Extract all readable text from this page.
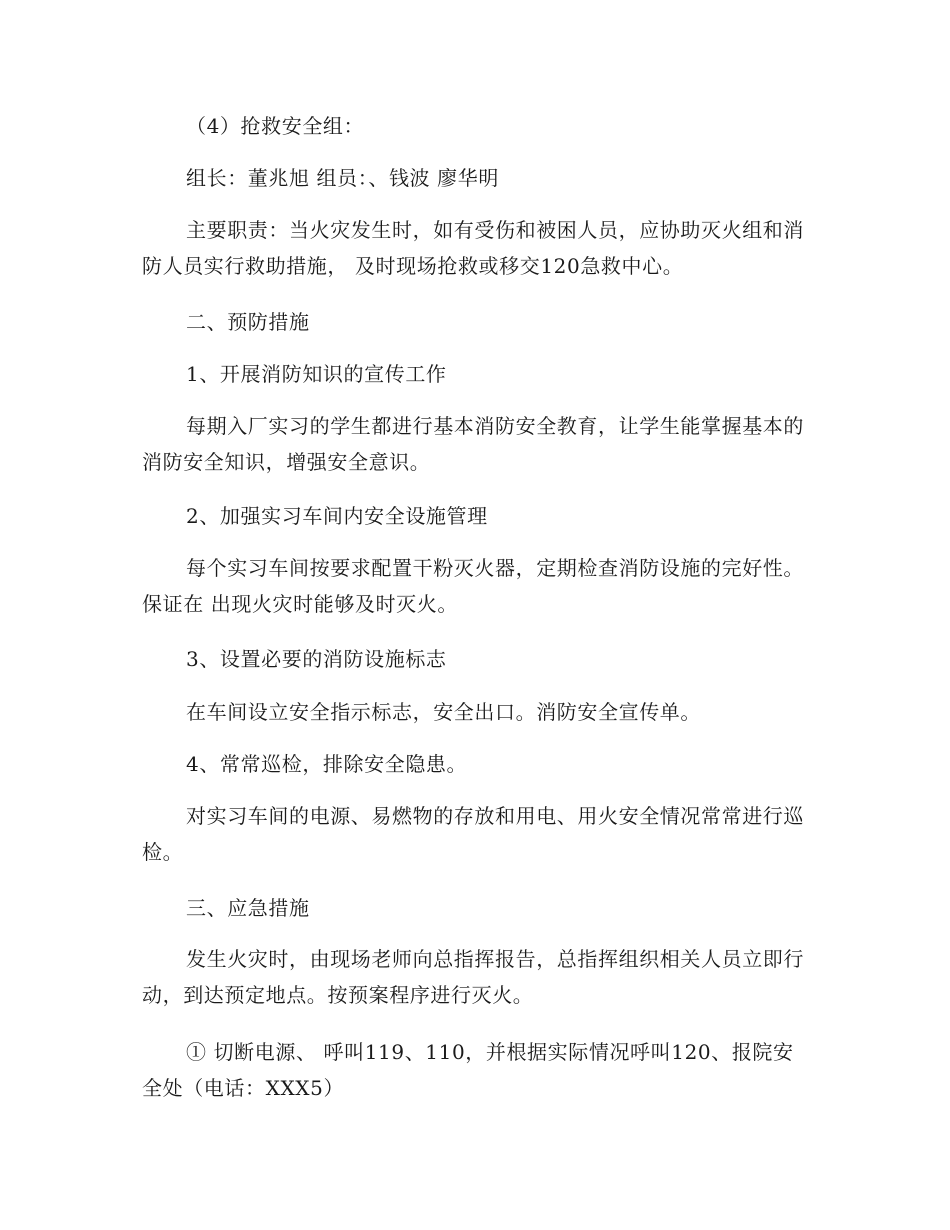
（4）抢救安全组：

组长：董兆旭 组员：、钱波 廖华明

主要职责：当火灾发生时，如有受伤和被困人员，应协助灭火组和消防人员实行救助措施， 及时现场抢救或移交120急救中心。

二、预防措施

1、开展消防知识的宣传工作

每期入厂实习的学生都进行基本消防安全教育，让学生能掌握基本的消防安全知识，增强安全意识。

2、加强实习车间内安全设施管理

每个实习车间按要求配置干粉灭火器，定期检查消防设施的完好性。保证在 出现火灾时能够及时灭火。

3、设置必要的消防设施标志

在车间设立安全指示标志，安全出口。消防安全宣传单。

4、常常巡检，排除安全隐患。

对实习车间的电源、易燃物的存放和用电、用火安全情况常常进行巡检。

三、应急措施

发生火灾时，由现场老师向总指挥报告，总指挥组织相关人员立即行动，到达预定地点。按预案程序进行灭火。

① 切断电源、 呼叫119、110，并根据实际情况呼叫120、报院安全处（电话：XXX5）
